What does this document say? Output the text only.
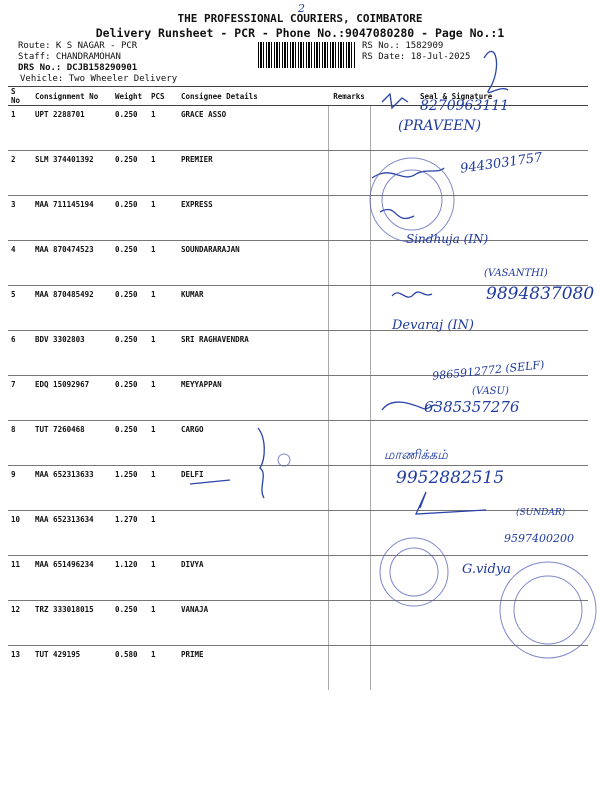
THE PROFESSIONAL COURIERS, COIMBATORE
Delivery Runsheet - PCR - Phone No.:9047080280 - Page No.:1
2
Route: K S NAGAR - PCR
Staff: CHANDRAMOHAN
DRS No.: DCJB158290901
Vehicle: Two Wheeler Delivery
RS No.: 1582909
RS Date: 18-Jul-2025
S No	Consignment No	Weight	PCS	Consignee Details	Remarks	Seal & Signature
1	UPT 2288701	0.250	1	GRACE ASSO		
2	SLM 374401392	0.250	1	PREMIER		
3	MAA 711145194	0.250	1	EXPRESS		
4	MAA 870474523	0.250	1	SOUNDARARAJAN		
5	MAA 870485492	0.250	1	KUMAR		
6	BDV 3302803	0.250	1	SRI RAGHAVENDRA		
7	EDQ 15092967	0.250	1	MEYYAPPAN		
8	TUT 7260468	0.250	1	CARGO		
9	MAA 652313633	1.250	1	DELFI		
10	MAA 652313634	1.270	1			
11	MAA 651496234	1.120	1	DIVYA		
12	TRZ 333018015	0.250	1	VANAJA		
13	TUT 429195	0.580	1	PRIME		
8270963111
(PRAVEEN)
9443031757
Sindhuja (IN)
(VASANTHI)
9894837080
Devaraj (IN)
9865912772 (SELF)
(VASU)
6385357276
மாணிக்கம்
9952882515
(SUNDAR)
9597400200
G.vidya
